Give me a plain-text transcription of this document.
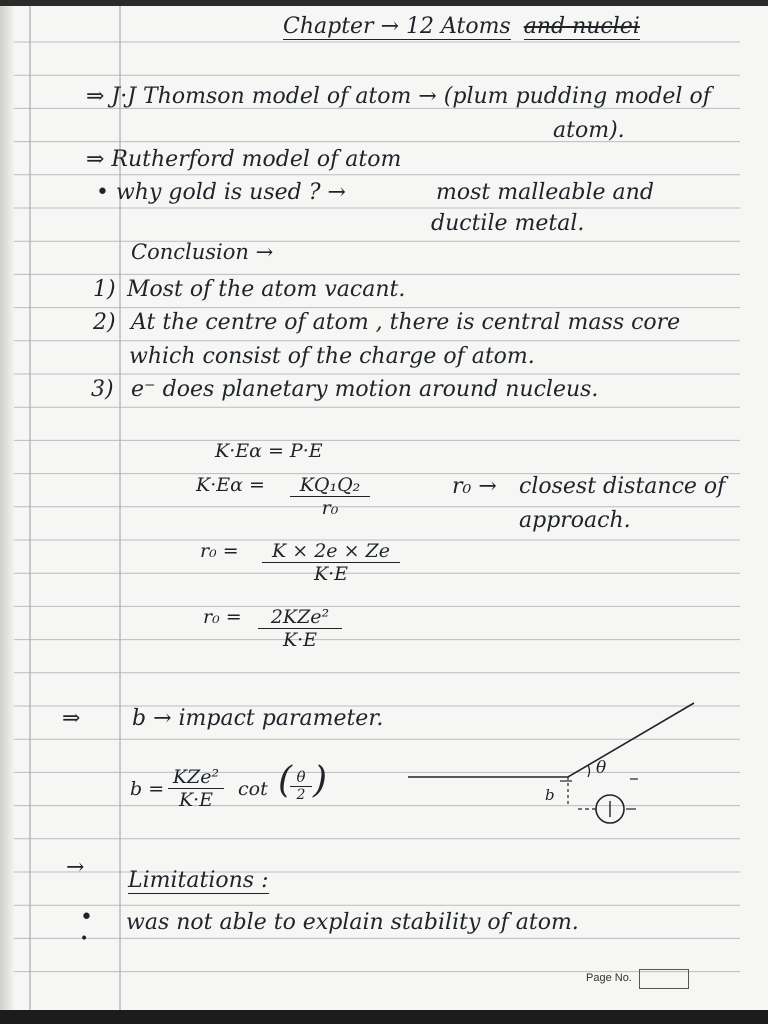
Chapter → 12 Atoms and nuclei
⇒ J·J Thomson model of atom → (plum pudding model of
atom).
⇒ Rutherford model of atom
• why gold is used ? →	most malleable and
ductile metal.
Conclusion →
1) Most of the atom vacant.
2) At the centre of atom , there is central mass core
which consist of the charge of atom.
3) e⁻ does planetary motion around nucleus.
K·Eα = P·E
$K\cdot E\alpha = \frac{\text{KQ₁Q₂}}{\text{r₀}}$	r₀ → closest distance of
approach.
$r_0 = \frac{K \times 2e \times Ze}{K\cdot E}$
r₀ =	2KZe²
K·E
⇒ b → impact parameter.
b =
KZe²
K·E	cot (
$\frac{\theta}{2}$ )	θ
b
→
Limitations :
•
•
was not able to explain stability of atom.
Page No.
